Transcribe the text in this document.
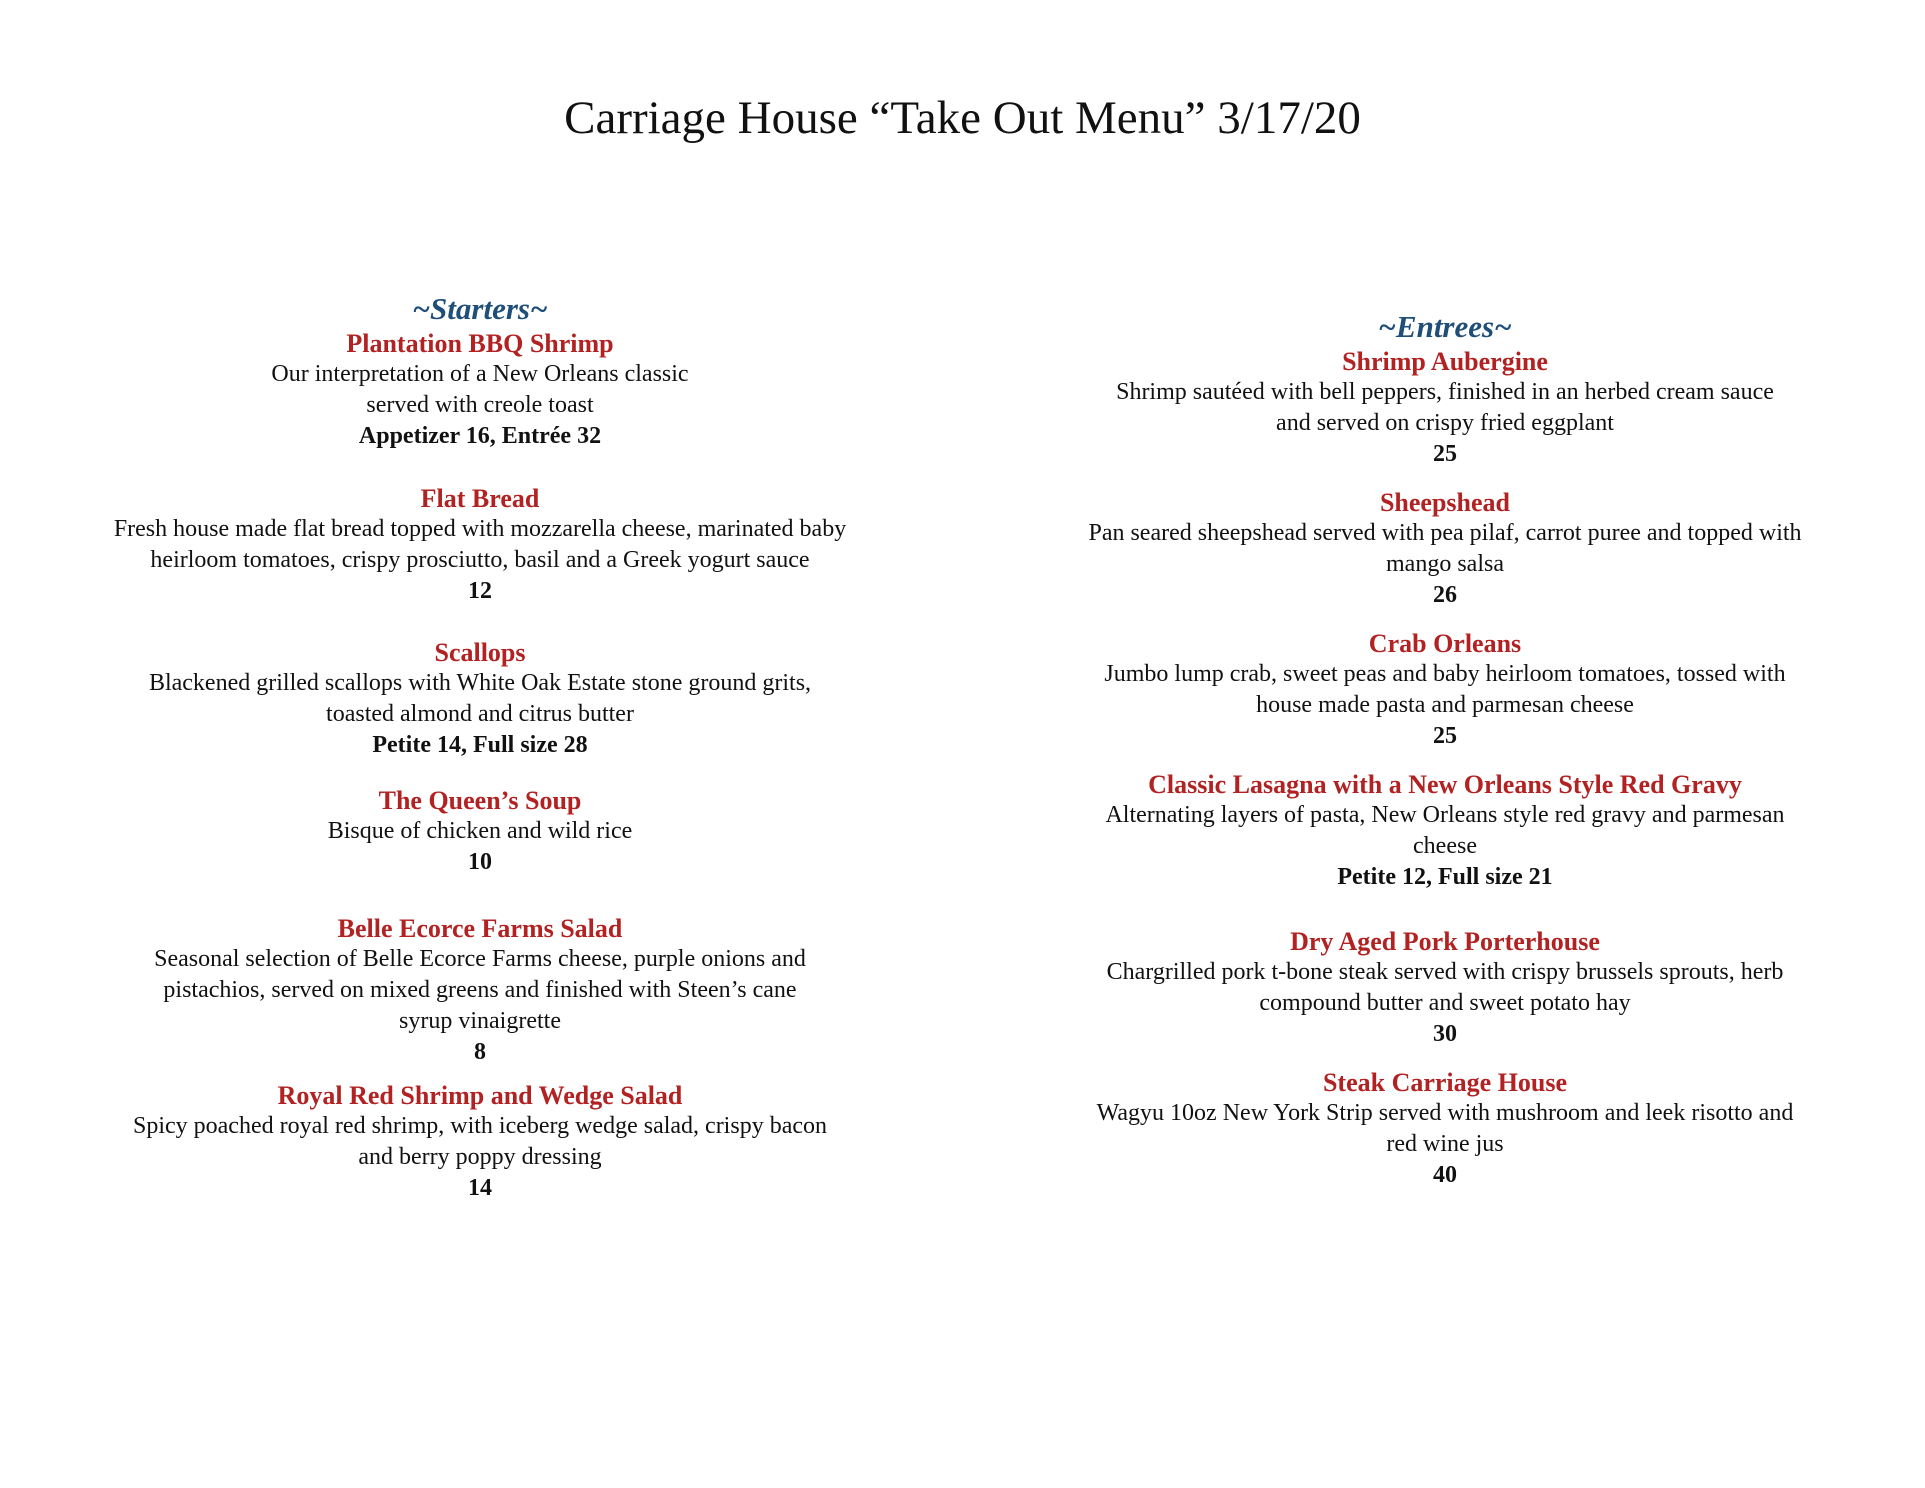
Carriage House “Take Out Menu” 3/17/20
~Starters~
Plantation BBQ Shrimp
Our interpretation of a New Orleans classic
served with creole toast
Appetizer 16, Entrée 32
Flat Bread
Fresh house made flat bread topped with mozzarella cheese, marinated baby
heirloom tomatoes, crispy prosciutto, basil and a Greek yogurt sauce
12
Scallops
Blackened grilled scallops with White Oak Estate stone ground grits,
toasted almond and citrus butter
Petite 14, Full size 28
The Queen’s Soup
Bisque of chicken and wild rice
10
Belle Ecorce Farms Salad
Seasonal selection of Belle Ecorce Farms cheese, purple onions and
pistachios, served on mixed greens and finished with Steen’s cane
syrup vinaigrette
8
Royal Red Shrimp and Wedge Salad
Spicy poached royal red shrimp, with iceberg wedge salad, crispy bacon
and berry poppy dressing
14
~Entrees~
Shrimp Aubergine
Shrimp sautéed with bell peppers, finished in an herbed cream sauce
and served on crispy fried eggplant
25
Sheepshead
Pan seared sheepshead served with pea pilaf, carrot puree and topped with
mango salsa
26
Crab Orleans
Jumbo lump crab, sweet peas and baby heirloom tomatoes, tossed with
house made pasta and parmesan cheese
25
Classic Lasagna with a New Orleans Style Red Gravy
Alternating layers of pasta, New Orleans style red gravy and parmesan
cheese
Petite 12, Full size 21
Dry Aged Pork Porterhouse
Chargrilled pork t-bone steak served with crispy brussels sprouts, herb
compound butter and sweet potato hay
30
Steak Carriage House
Wagyu 10oz New York Strip served with mushroom and leek risotto and
red wine jus
40
